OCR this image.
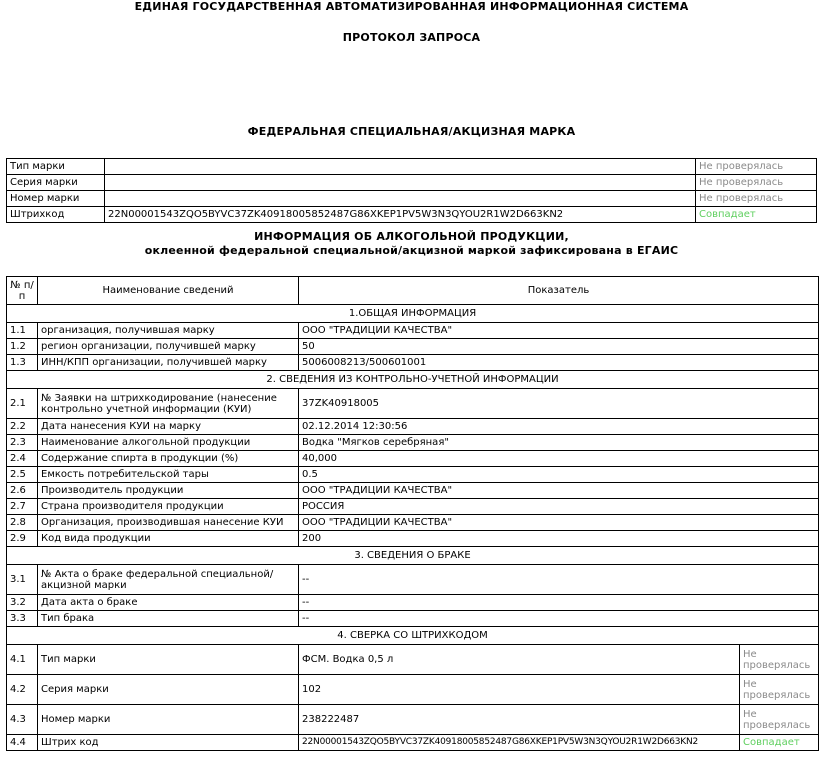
ЕДИНАЯ ГОСУДАРСТВЕННАЯ АВТОМАТИЗИРОВАННАЯ ИНФОРМАЦИОННАЯ СИСТЕМА
ПРОТОКОЛ ЗАПРОСА
ФЕДЕРАЛЬНАЯ СПЕЦИАЛЬНАЯ/АКЦИЗНАЯ МАРКА
ИНФОРМАЦИЯ ОБ АЛКОГОЛЬНОЙ ПРОДУКЦИИ,
оклеенной федеральной специальной/акцизной маркой зафиксирована в ЕГАИС
Тип марки		Не проверялась
Серия марки		Не проверялась
Номер марки		Не проверялась
Штрихкод	22N00001543ZQO5BYVC37ZK40918005852487G86XKEP1PV5W3N3QYOU2R1W2D663KN2	Совпадает
№ п/п	Наименование сведений	Показатель	
1.ОБЩАЯ ИНФОРМАЦИЯ			
1.1	организация, получившая марку	ООО "ТРАДИЦИИ КАЧЕСТВА"	
1.2	регион организации, получившей марку	50	
1.3	ИНН/КПП организации, получившей марку	5006008213/500601001	
2. СВЕДЕНИЯ ИЗ КОНТРОЛЬНО-УЧЕТНОЙ ИНФОРМАЦИИ			
2.1	№ Заявки на штрихкодирование (нанесение контрольно учетной информации (КУИ)	37ZK40918005	
2.2	Дата нанесения КУИ на марку	02.12.2014 12:30:56	
2.3	Наименование алкогольной продукции	Водка "Мягков серебряная"	
2.4	Содержание спирта в продукции (%)	40,000	
2.5	Емкость потребительской тары	0.5	
2.6	Производитель продукции	ООО "ТРАДИЦИИ КАЧЕСТВА"	
2.7	Страна производителя продукции	РОССИЯ	
2.8	Организация, производившая нанесение КУИ	ООО "ТРАДИЦИИ КАЧЕСТВА"	
2.9	Код вида продукции	200	
3. СВЕДЕНИЯ О БРАКЕ			
3.1	№ Акта о браке федеральной специальной/ акцизной марки	--	
3.2	Дата акта о браке	--	
3.3	Тип брака	--	
4. СВЕРКА СО ШТРИХКОДОМ			
4.1	Тип марки	ФСМ. Водка 0,5 л	Не проверялась
4.2	Серия марки	102	Не проверялась
4.3	Номер марки	238222487	Не проверялась
4.4	Штрих код	22N00001543ZQO5BYVC37ZK40918005852487G86XKEP1PV5W3N3QYOU2R1W2D663KN2	Совпадает
